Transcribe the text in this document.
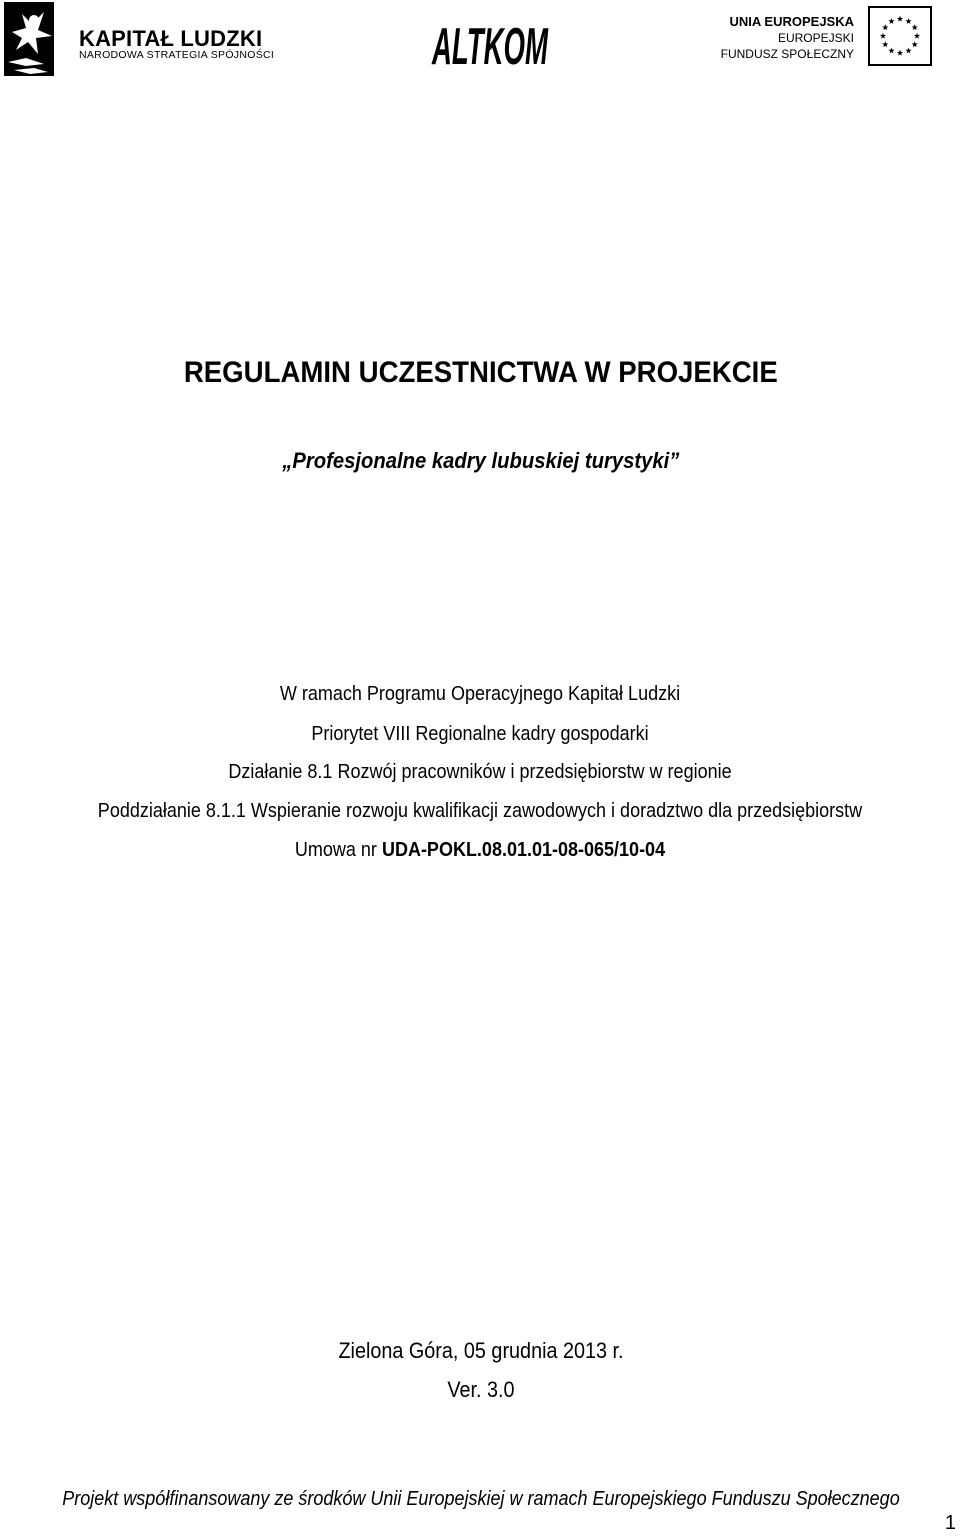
KAPITAŁ LUDZKI
NARODOWA STRATEGIA SPÓJNOŚCI	ALTKOM	UNIA EUROPEJSKA
EUROPEJSKI
FUNDUSZ SPOŁECZNY
REGULAMIN UCZESTNICTWA W PROJEKCIE
„Profesjonalne kadry lubuskiej turystyki”
W ramach Programu Operacyjnego Kapitał Ludzki
Priorytet VIII Regionalne kadry gospodarki
Działanie 8.1 Rozwój pracowników i przedsiębiorstw w regionie
Poddziałanie 8.1.1 Wspieranie rozwoju kwalifikacji zawodowych i doradztwo dla przedsiębiorstw
Umowa nr UDA-POKL.08.01.01-08-065/10-04
Zielona Góra, 05 grudnia 2013 r.
Ver. 3.0
Projekt współfinansowany ze środków Unii Europejskiej w ramach Europejskiego Funduszu Społecznego
1
